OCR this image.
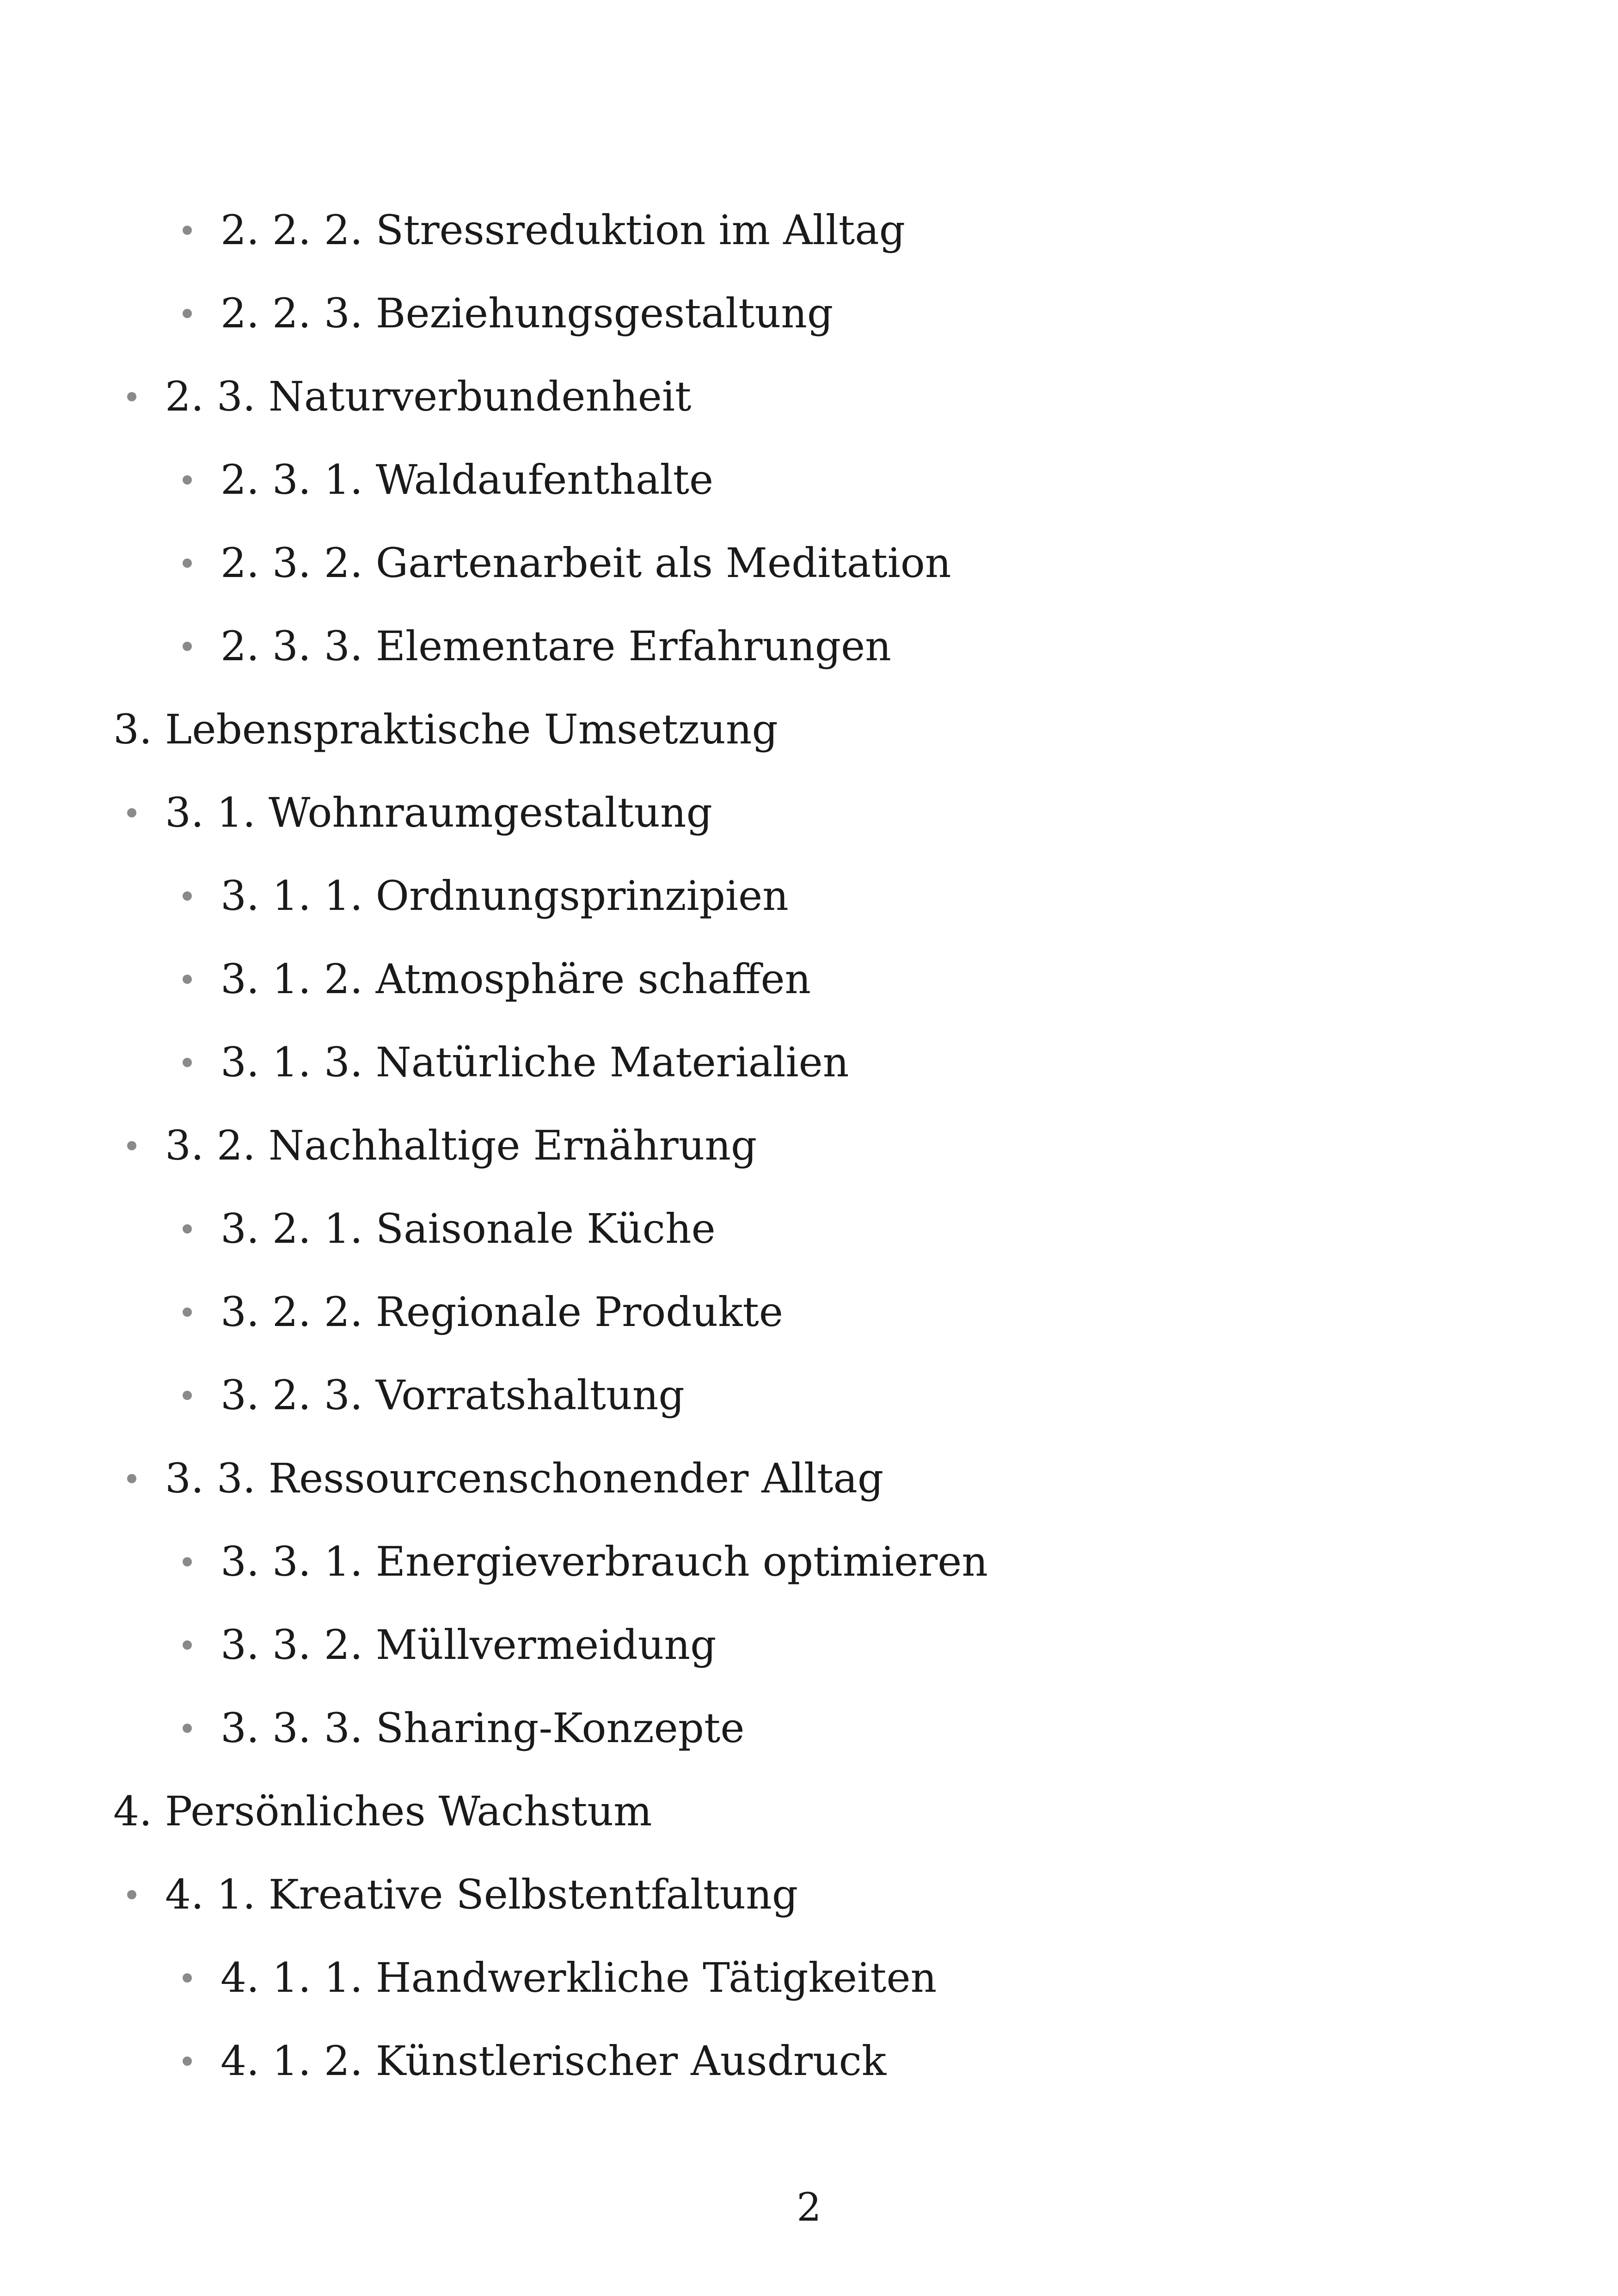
2. 2. 2. Stressreduktion im Alltag
2. 2. 3. Beziehungsgestaltung
2. 3. Naturverbundenheit
2. 3. 1. Waldaufenthalte
2. 3. 2. Gartenarbeit als Meditation
2. 3. 3. Elementare Erfahrungen
3. Lebenspraktische Umsetzung
3. 1. Wohnraumgestaltung
3. 1. 1. Ordnungsprinzipien
3. 1. 2. Atmosphäre schaffen
3. 1. 3. Natürliche Materialien
3. 2. Nachhaltige Ernährung
3. 2. 1. Saisonale Küche
3. 2. 2. Regionale Produkte
3. 2. 3. Vorratshaltung
3. 3. Ressourcenschonender Alltag
3. 3. 1. Energieverbrauch optimieren
3. 3. 2. Müllvermeidung
3. 3. 3. Sharing-Konzepte
4. Persönliches Wachstum
4. 1. Kreative Selbstentfaltung
4. 1. 1. Handwerkliche Tätigkeiten
4. 1. 2. Künstlerischer Ausdruck
2
